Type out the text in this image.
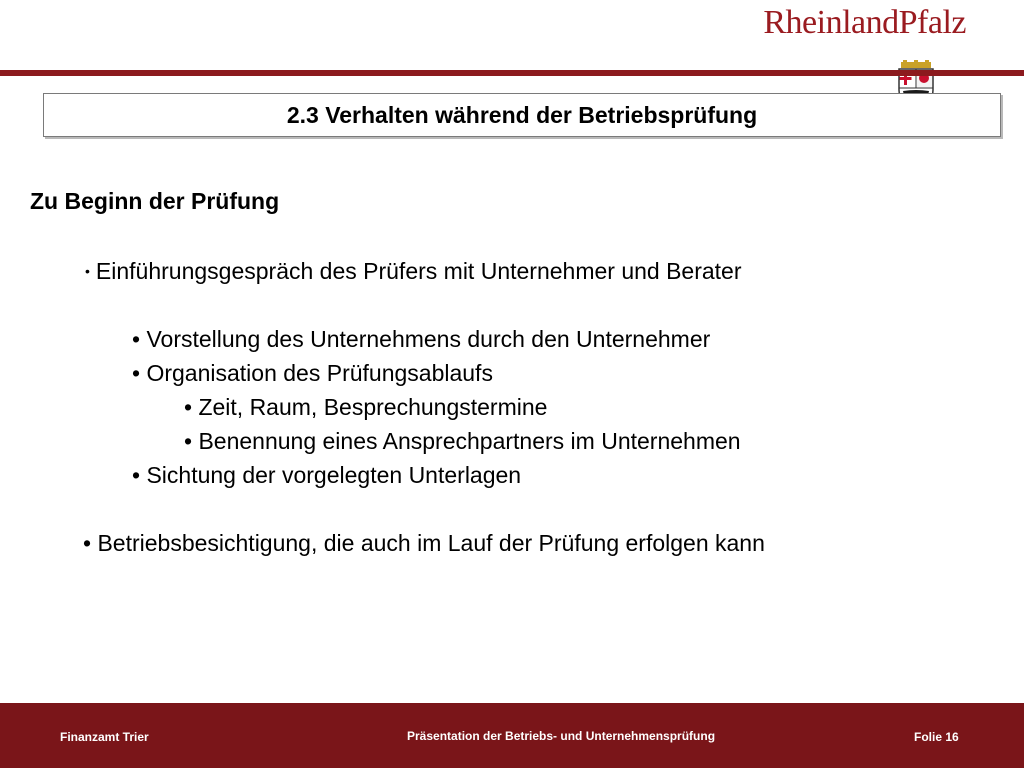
RheinlandPfalz
2.3 Verhalten während der Betriebsprüfung
Zu Beginn der Prüfung
• Einführungsgespräch des Prüfers mit Unternehmer und Berater
• Vorstellung des Unternehmens durch den Unternehmer
• Organisation des Prüfungsablaufs
• Zeit, Raum, Besprechungstermine
• Benennung eines Ansprechpartners im Unternehmen
• Sichtung der vorgelegten Unterlagen
• Betriebsbesichtigung, die auch im Lauf der Prüfung erfolgen kann
Finanzamt Trier	Präsentation der Betriebs- und Unternehmensprüfung	Folie 16
